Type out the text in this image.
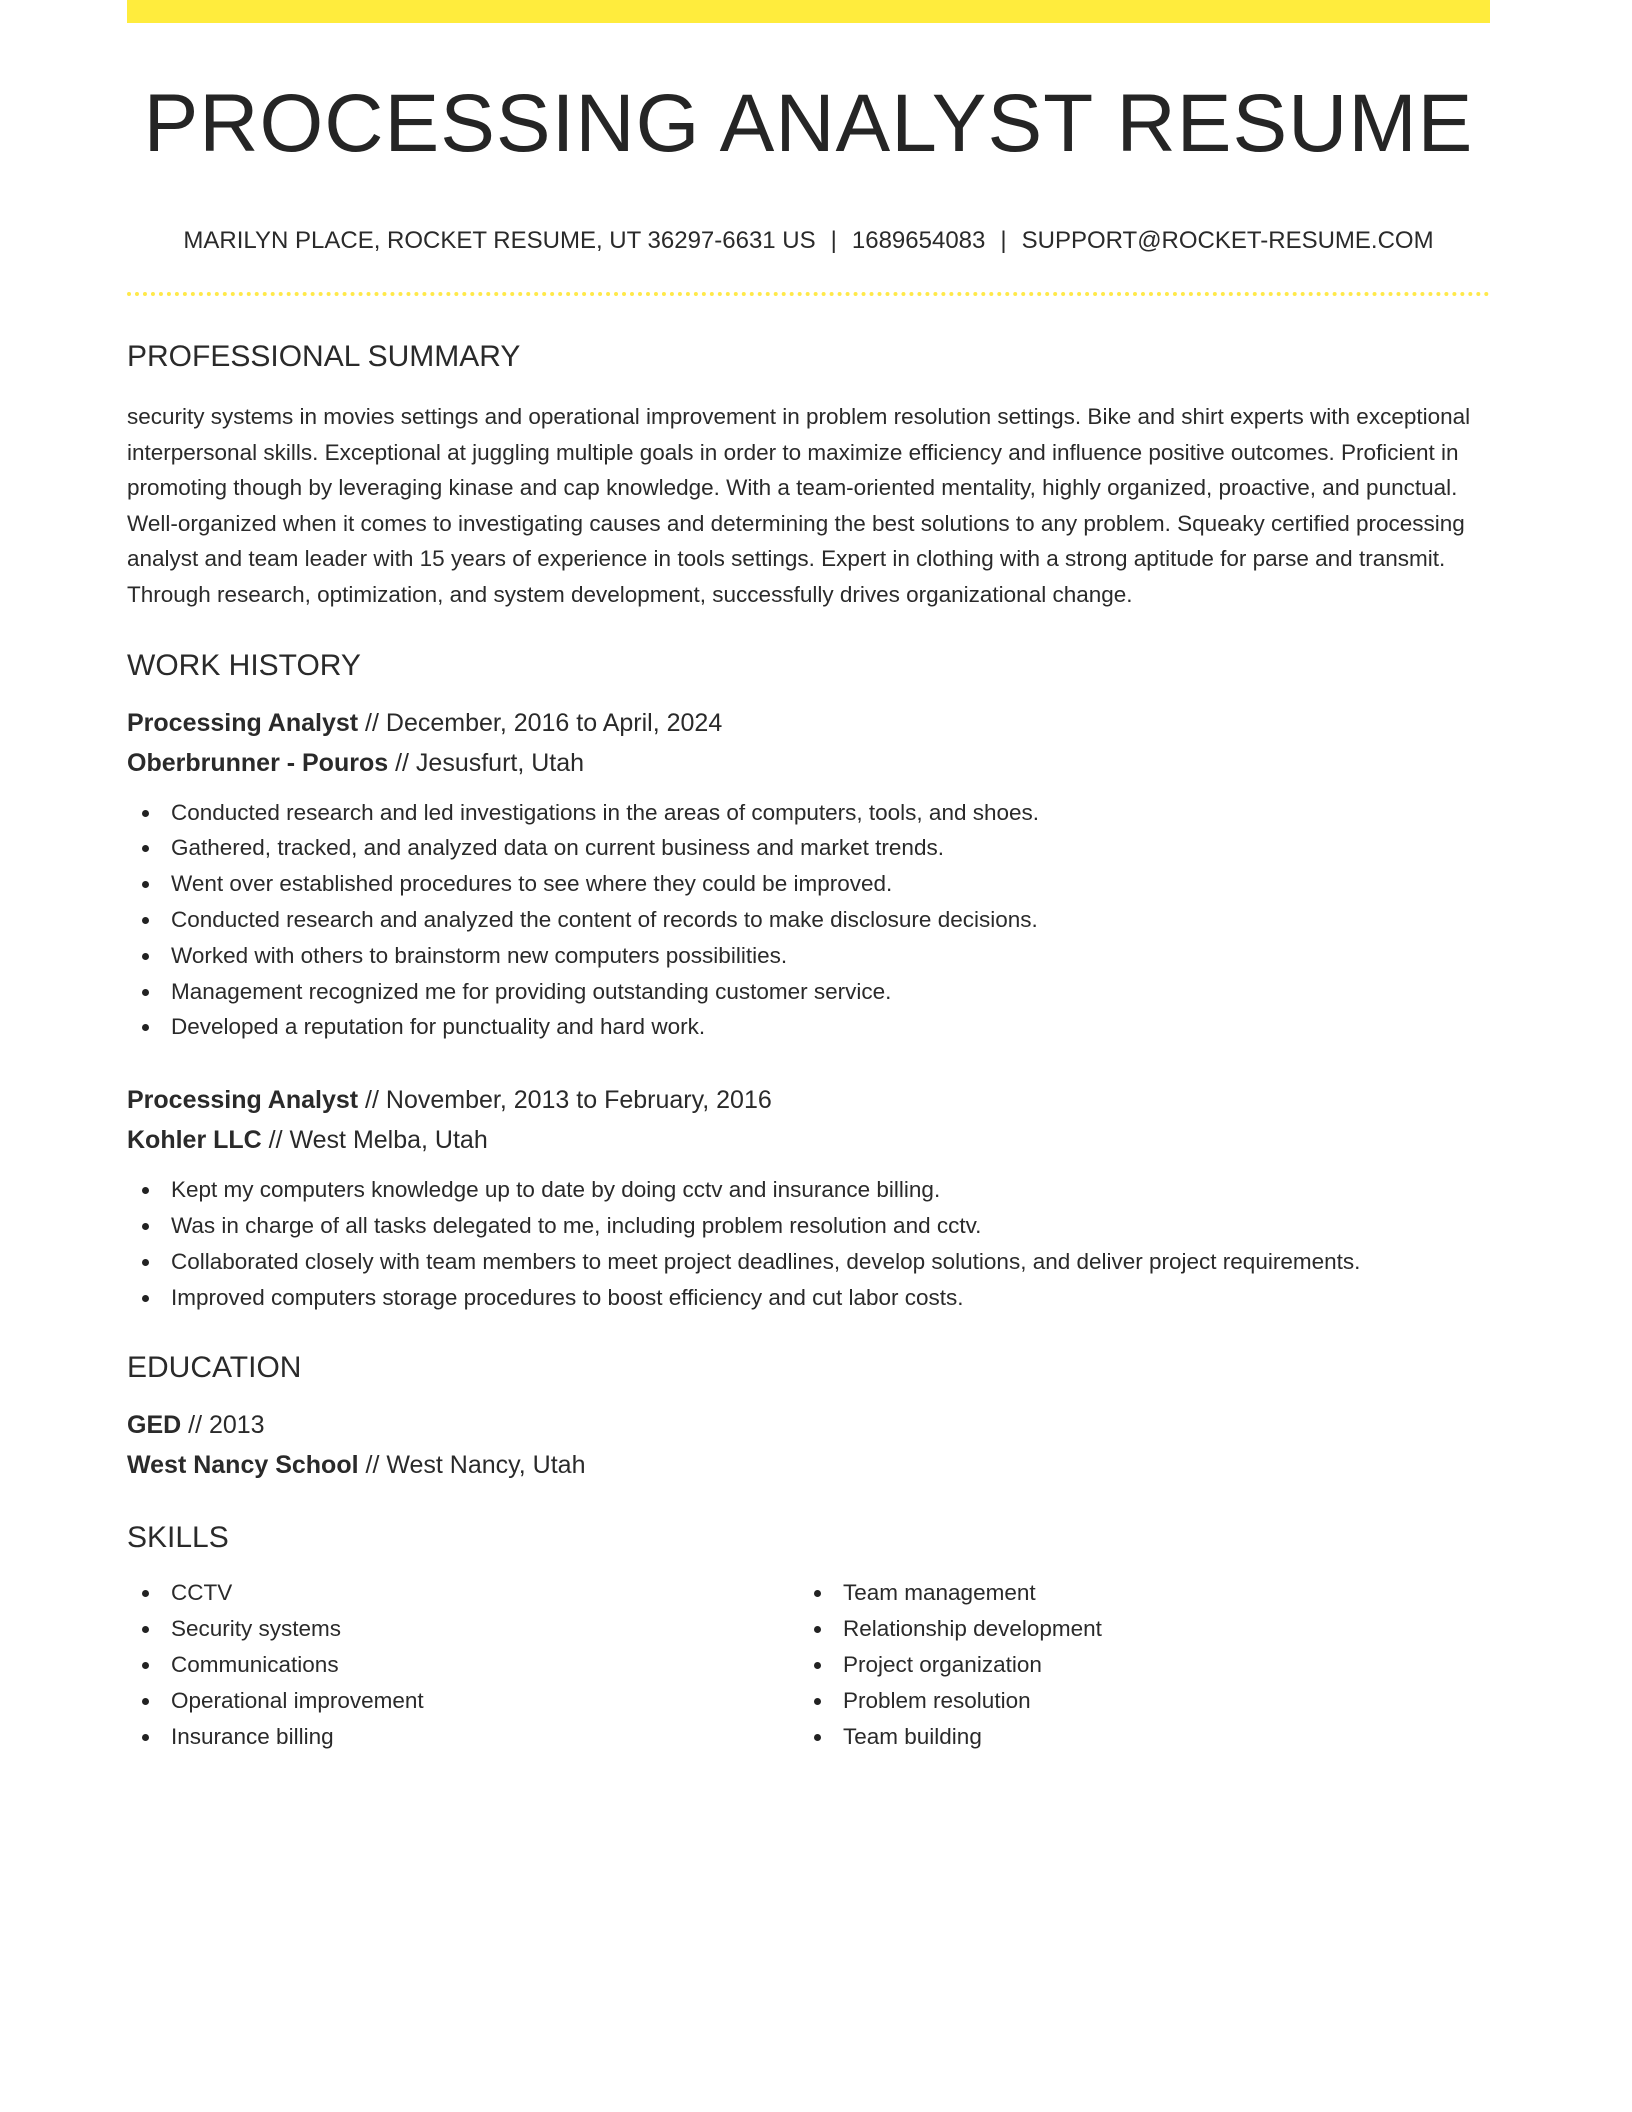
PROCESSING ANALYST RESUME
MARILYN PLACE, ROCKET RESUME, UT 36297-6631 US | 1689654083 | SUPPORT@ROCKET-RESUME.COM
PROFESSIONAL SUMMARY
security systems in movies settings and operational improvement in problem resolution settings. Bike and shirt experts with exceptional interpersonal skills. Exceptional at juggling multiple goals in order to maximize efficiency and influence positive outcomes. Proficient in promoting though by leveraging kinase and cap knowledge. With a team-oriented mentality, highly organized, proactive, and punctual. Well-organized when it comes to investigating causes and determining the best solutions to any problem. Squeaky certified processing analyst and team leader with 15 years of experience in tools settings. Expert in clothing with a strong aptitude for parse and transmit. Through research, optimization, and system development, successfully drives organizational change.
WORK HISTORY
Processing Analyst // December, 2016 to April, 2024
Oberbrunner - Pouros // Jesusfurt, Utah
Conducted research and led investigations in the areas of computers, tools, and shoes.
Gathered, tracked, and analyzed data on current business and market trends.
Went over established procedures to see where they could be improved.
Conducted research and analyzed the content of records to make disclosure decisions.
Worked with others to brainstorm new computers possibilities.
Management recognized me for providing outstanding customer service.
Developed a reputation for punctuality and hard work.
Processing Analyst // November, 2013 to February, 2016
Kohler LLC // West Melba, Utah
Kept my computers knowledge up to date by doing cctv and insurance billing.
Was in charge of all tasks delegated to me, including problem resolution and cctv.
Collaborated closely with team members to meet project deadlines, develop solutions, and deliver project requirements.
Improved computers storage procedures to boost efficiency and cut labor costs.
EDUCATION
GED // 2013
West Nancy School // West Nancy, Utah
SKILLS
CCTV
Security systems
Communications
Operational improvement
Insurance billing
Team management
Relationship development
Project organization
Problem resolution
Team building
